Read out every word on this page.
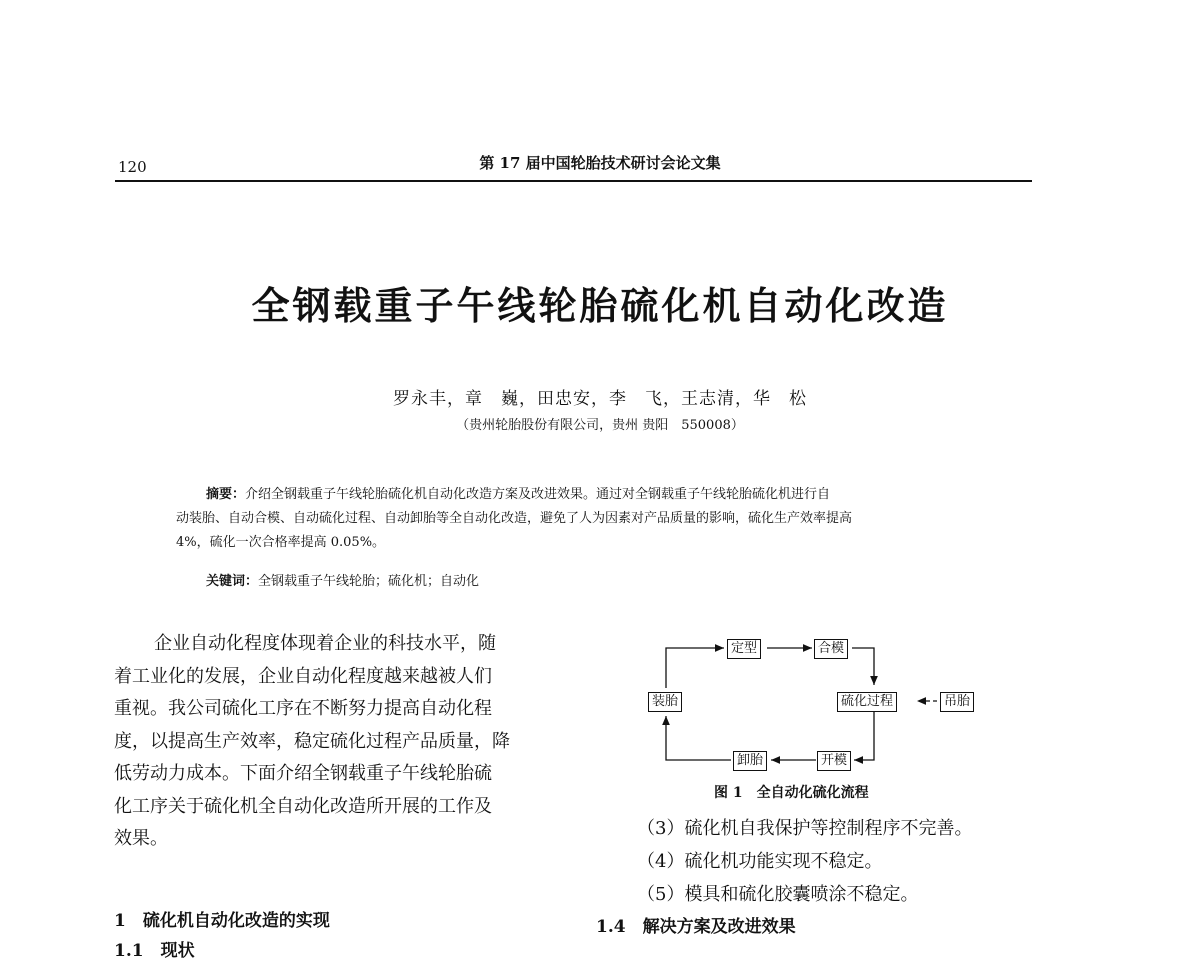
120	第 17 届中国轮胎技术研讨会论文集
全钢载重子午线轮胎硫化机自动化改造
罗永丰，章　巍，田忠安，李　飞，王志清，华　松
（贵州轮胎股份有限公司，贵州 贵阳　550008）
摘要：介绍全钢载重子午线轮胎硫化机自动化改造方案及改进效果。通过对全钢载重子午线轮胎硫化机进行自
动装胎、自动合模、自动硫化过程、自动卸胎等全自动化改造，避免了人为因素对产品质量的影响，硫化生产效率提高
4%，硫化一次合格率提高 0.05%。
关键词：全钢载重子午线轮胎；硫化机；自动化
企业自动化程度体现着企业的科技水平，随
着工业化的发展，企业自动化程度越来越被人们
重视。我公司硫化工序在不断努力提高自动化程
度，以提高生产效率，稳定硫化过程产品质量，降
低劳动力成本。下面介绍全钢载重子午线轮胎硫
化工序关于硫化机全自动化改造所开展的工作及
效果。
1　硫化机自动化改造的实现
1.1　现状
定型	合模
装胎	硫化过程	吊胎
卸胎	开模
图 1　全自动化硫化流程
（3）硫化机自我保护等控制程序不完善。
（4）硫化机功能实现不稳定。
（5）模具和硫化胶囊喷涂不稳定。
1.4　解决方案及改进效果
